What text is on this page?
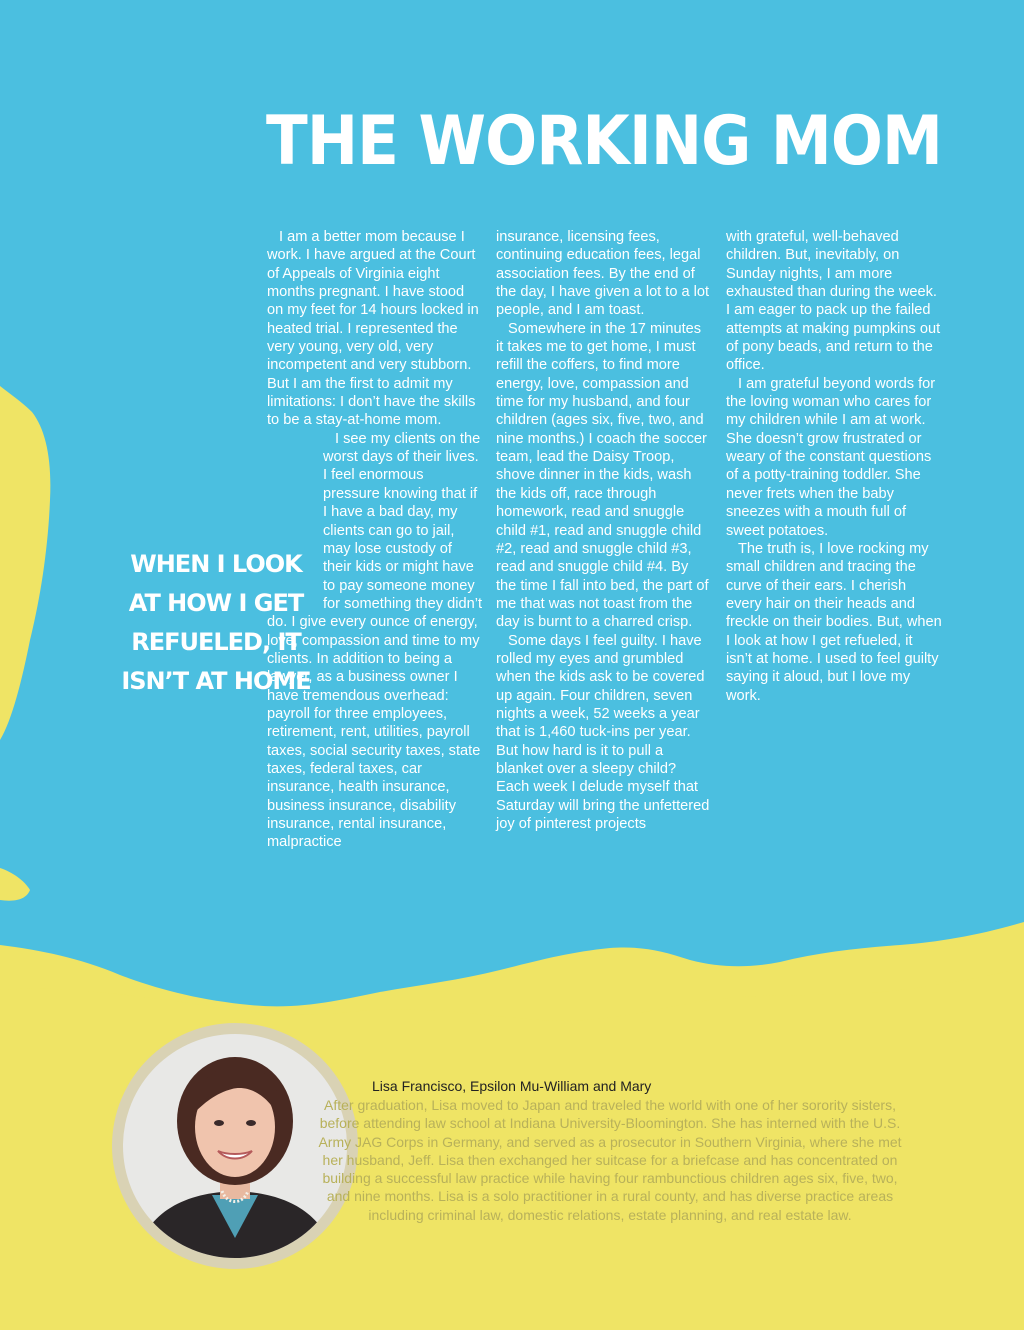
THE WORKING MOM

I am a better mom because I work. I have argued at the Court of Appeals of Virginia eight months pregnant. I have stood on my feet for 14 hours locked in heated trial. I represented the very young, very old, very incompetent and very stubborn. But I am the first to admit my limitations: I don’t have the skills to be a stay-at-home mom.

I see my clients on the worst days of their lives. I feel enormous pressure knowing that if I have a bad day, my clients can go to jail, may lose custody of their kids or might have to pay someone money for something they didn’t do. I give every ounce of energy, love, compassion and time to my clients. In addition to being a lawyer, as a business owner I have tremendous overhead: payroll for three employees, retirement, rent, utilities, payroll taxes, social security taxes, state taxes, federal taxes, car insurance, health insurance, business insurance, disability insurance, rental insurance, malpractice

insurance, licensing fees, continuing education fees, legal association fees. By the end of the day, I have given a lot to a lot people, and I am toast.

Somewhere in the 17 minutes it takes me to get home, I must refill the coffers, to find more energy, love, compassion and time for my husband, and four children (ages six, five, two, and nine months.) I coach the soccer team, lead the Daisy Troop, shove dinner in the kids, wash the kids off, race through homework, read and snuggle child #1, read and snuggle child #2, read and snuggle child #3, read and snuggle child #4. By the time I fall into bed, the part of me that was not toast from the day is burnt to a charred crisp.

Some days I feel guilty. I have rolled my eyes and grumbled when the kids ask to be covered up again. Four children, seven nights a week, 52 weeks a year that is 1,460 tuck-ins per year. But how hard is it to pull a blanket over a sleepy child? Each week I delude myself that Saturday will bring the unfettered joy of pinterest projects

with grateful, well-behaved children. But, inevitably, on Sunday nights, I am more exhausted than during the week. I am eager to pack up the failed attempts at making pumpkins out of pony beads, and return to the office.

I am grateful beyond words for the loving woman who cares for my children while I am at work. She doesn’t grow frustrated or weary of the constant questions of a potty-training toddler. She never frets when the baby sneezes with a mouth full of sweet potatoes.

The truth is, I love rocking my small children and tracing the curve of their ears. I cherish every hair on their heads and freckle on their bodies. But, when I look at how I get refueled, it isn’t at home. I used to feel guilty saying it aloud, but I love my work.

WHEN I LOOK
AT HOW I GET
REFUELED, IT
ISN’T AT HOME
Lisa Francisco, Epsilon Mu-William and Mary
After graduation, Lisa moved to Japan and traveled the world with one of her sorority sisters, before attending law school at Indiana University-Bloomington. She has interned with the U.S. Army JAG Corps in Germany, and served as a prosecutor in Southern Virginia, where she met her husband, Jeff. Lisa then exchanged her suitcase for a briefcase and has concentrated on building a successful law practice while having four rambunctious children ages six, five, two, and nine months. Lisa is a solo practitioner in a rural county, and has diverse practice areas including criminal law, domestic relations, estate planning, and real estate law.
